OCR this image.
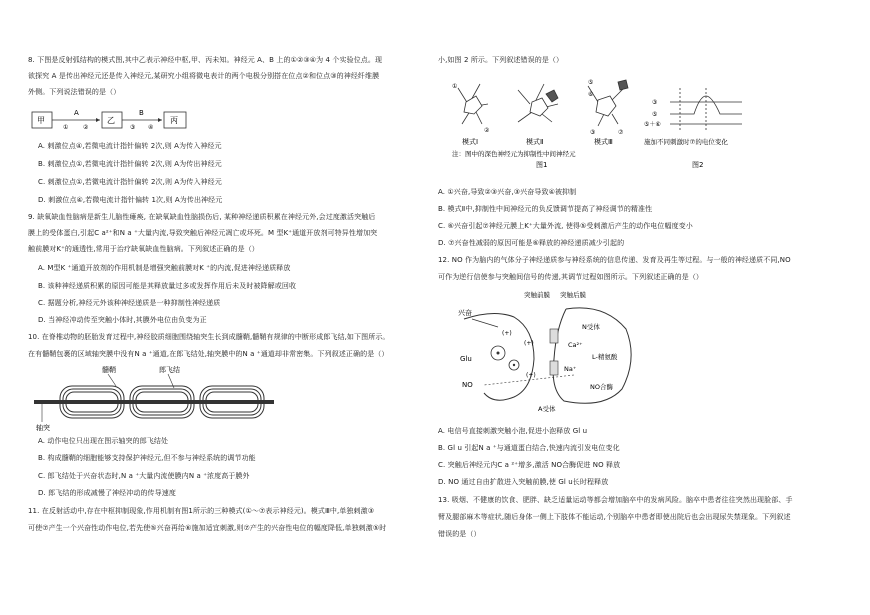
8. 下图是反射弧结构的模式图,其中乙表示神经中枢,甲、丙未知。神经元 A、B 上的①②③④为 4 个实验位点。现
欲探究 A 是传出神经元还是传入神经元,某研究小组将微电表计的两个电极分别搭在位点②和位点③的神经纤维膜
外侧。下列说法错误的是（）
甲
A
① ②
乙
B
③ ④
丙
A. 刺激位点④,若微电流计指针偏转 2次,则 A为传入神经元
B. 刺激位点①,若微电流计指针偏转 2次,则 A为传出神经元
C. 刺激位点①,若微电流计指针偏转 2次,则 A为传入神经元
D. 刺激位点④,若微电流计指针偏转 1次,则 A为传出神经元
9. 缺氧缺血性脑病是新生儿脑性瘫痪, 在缺氧缺血性脑损伤后, 某种神经递质积累在神经元外,会过度激活突触后
膜上的受体蛋白,引起C a²⁺和N a ⁺大量内流,导致突触后神经元凋亡或坏死。M 型K⁺通道开放剂可特异性增加突
触前膜对K⁺的通透性,常用于治疗缺氧缺血性脑病。下列叙述正确的是（）
A. M型K ⁺通道开放剂的作用机制是增强突触前膜对K ⁺的内流,促进神经递质释放
B. 该种神经递质积累的原因可能是其释放量过多或发挥作用后未及时被降解或回收
C. 据题分析,神经元外该种神经递质是一种抑制性神经递质
D. 当神经冲动传至突触小体时,其膜外电位由负变为正
10. 在脊椎动物的胚胎发育过程中,神经胶质细胞围绕轴突生长到成髓鞘,髓鞘有规律的中断形成郎飞结,如下图所示。
在有髓鞘包裹的区域轴突膜中没有N a ⁺通道,在郎飞结处,轴突膜中的N a ⁺通道却非常密集。下列叙述正确的是（）
髓鞘	郎飞结
轴突
A. 动作电位只出现在图示轴突的郎飞结处
B. 构成髓鞘的细胞能够支持保护神经元,但不参与神经系统的调节功能
C. 郎飞结处于兴奋状态时,N a ⁺大量内流使膜内N a ⁺浓度高于膜外
D. 郎飞结的形成减慢了神经冲动的传导速度
11. 在反射活动中,存在中枢抑制现象,作用机制有图1所示的三种模式(①～⑦表示神经元)。模式Ⅲ中,单独刺激③
可使⑦产生一个兴奋性动作电位,若先使⑤兴奋再给⑥施加适宜刺激,则⑦产生的兴奋性电位的幅度降低,单独刺激⑤时
小,如图 2 所示。下列叙述错误的是（）
①
②
模式Ⅰ	模式Ⅱ
⑤
⑥
③	⑦
模式Ⅲ
注：图中的深色神经元为抑制性中间神经元
图1
③
⑤
⑤＋⑥
施加不同刺激时⑦的电位变化
图2
A. ①兴奋,导致②③兴奋,③兴奋导致④被抑制
B. 模式Ⅱ中,抑制性中间神经元的负反馈调节提高了神经调节的精准性
C. ⑥兴奋引起⑦神经元膜上K⁺大量外流, 使得⑤受刺激后产生的动作电位幅度变小
D. ⑦兴奋性减弱的原因可能是⑥释放的神经递质减少引起的
12. NO 作为脑内的气体分子神经递质参与神经系统的信息传递、发育及再生等过程。与一般的神经递质不同,NO
可作为逆行信使参与突触间信号的传递,其调节过程如图所示。下列叙述正确的是（）
兴奋
突触前膜 突触后膜
Glu
NO
(+)
(+)
(+)
N受体
Ca²⁺
L-精氨酸
Na⁺
NO合酶
A受体
A. 电信号直接刺激突触小泡,促进小泡释放 Gl u
B. Gl u 引起N a ⁺与通道蛋白结合,快速内流引发电位变化
C. 突触后神经元内C a ²⁺增多,激活 NO合酶促进 NO 释放
D. NO 通过自由扩散进入突触前膜,使 Gl u长时程释放
13. 吸烟、不健康的饮食、肥胖、缺乏适量运动等都会增加脑卒中的发病风险。脑卒中患者往往突然出现脸部、手
臂及腿部麻木等症状,随后身体一侧上下肢体不能运动,个别脑卒中患者即使出院后也会出现尿失禁现象。下列叙述
错误的是（）
